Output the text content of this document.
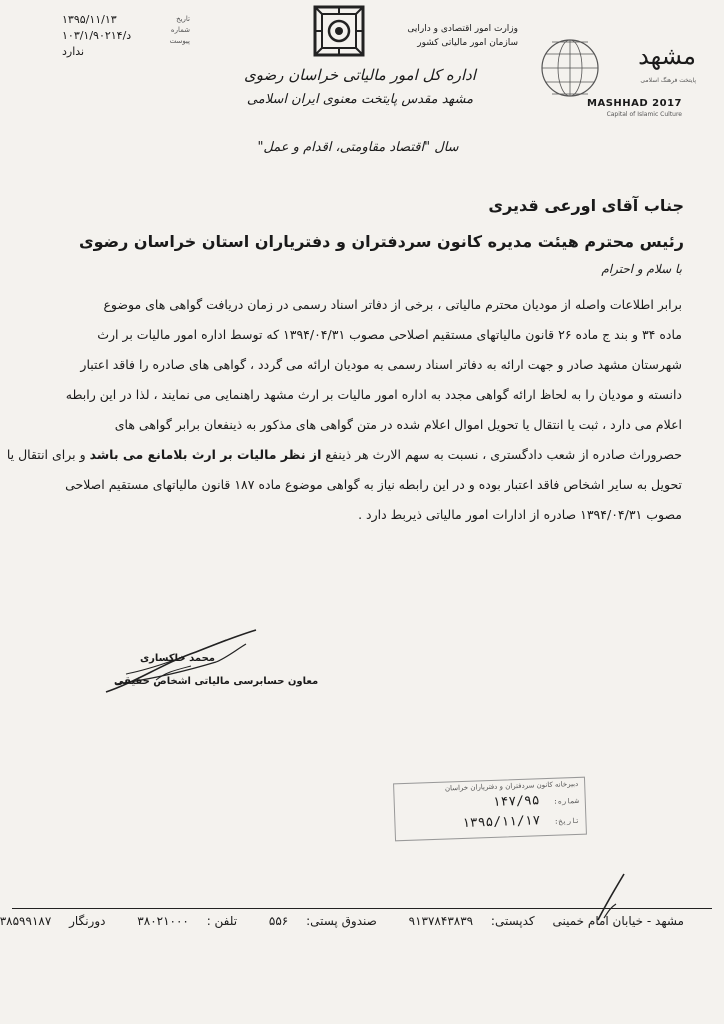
۱۳۹۵/۱۱/۱۳
د/۱۰۳/۱/۹۰۲۱۴
ندارد
تاریخ
شماره
پیوست
وزارت امور اقتصادی و دارایی
سازمان امور مالیاتی کشور	مشهد
پایتخت فرهنگ اسلامی
MASHHAD 2017
Capital of Islamic Culture
اداره کل امور مالیاتی خراسان رضوی
مشهد مقدس پایتخت معنوی ایران اسلامی
سال "اقتصاد مقاومتی، اقدام و عمل"
جناب آقای اورعی قدیری
رئیس محترم هیئت مدیره کانون سردفتران و دفتریاران استان خراسان رضوی
با سلام و احترام
برابر اطلاعات واصله از مودیان محترم مالیاتی ، برخی از دفاتر اسناد رسمی در زمان دریافت گواهی های موضوع
ماده ۳۴ و بند ج ماده ۲۶ قانون مالیاتهای مستقیم اصلاحی مصوب ۱۳۹۴/۰۴/۳۱ که توسط اداره امور مالیات بر ارث
شهرستان مشهد صادر و جهت ارائه به دفاتر اسناد رسمی به مودیان ارائه می گردد ، گواهی های صادره را فاقد اعتبار
دانسته و مودیان را به لحاظ ارائه گواهی مجدد به اداره امور مالیات بر ارث مشهد راهنمایی می نمایند ، لذا در این رابطه
اعلام می دارد ، ثبت یا انتقال یا تحویل اموال اعلام شده در متن گواهی های مذکور به ذینفعان برابر گواهی های
حصروراث صادره از شعب دادگستری ، نسبت به سهم الارث هر ذینفع از نظر مالیات بر ارث بلامانع می باشد و برای انتقال یا
تحویل به سایر اشخاص فاقد اعتبار بوده و در این رابطه نیاز به گواهی موضوع ماده ۱۸۷ قانون مالیاتهای مستقیم اصلاحی
مصوب ۱۳۹۴/۰۴/۳۱ صادره از ادارات امور مالیاتی ذیربط دارد .
محمد خاکساری
معاون حسابرسی مالیاتی اشخاص حقیقی
دبیرخانه کانون سردفتران و دفتریاران خراسان
شماره: ۱۴۷/۹۵
تاریخ: ۱۳۹۵/۱۱/۱۷
مشهد - خیابان امام خمینی کدپستی: ۹۱۳۷۸۴۳۸۳۹ صندوق پستی: ۵۵۶ تلفن : ۳۸۰۲۱۰۰۰ دورنگار ۳۸۵۹۹۱۸۷
